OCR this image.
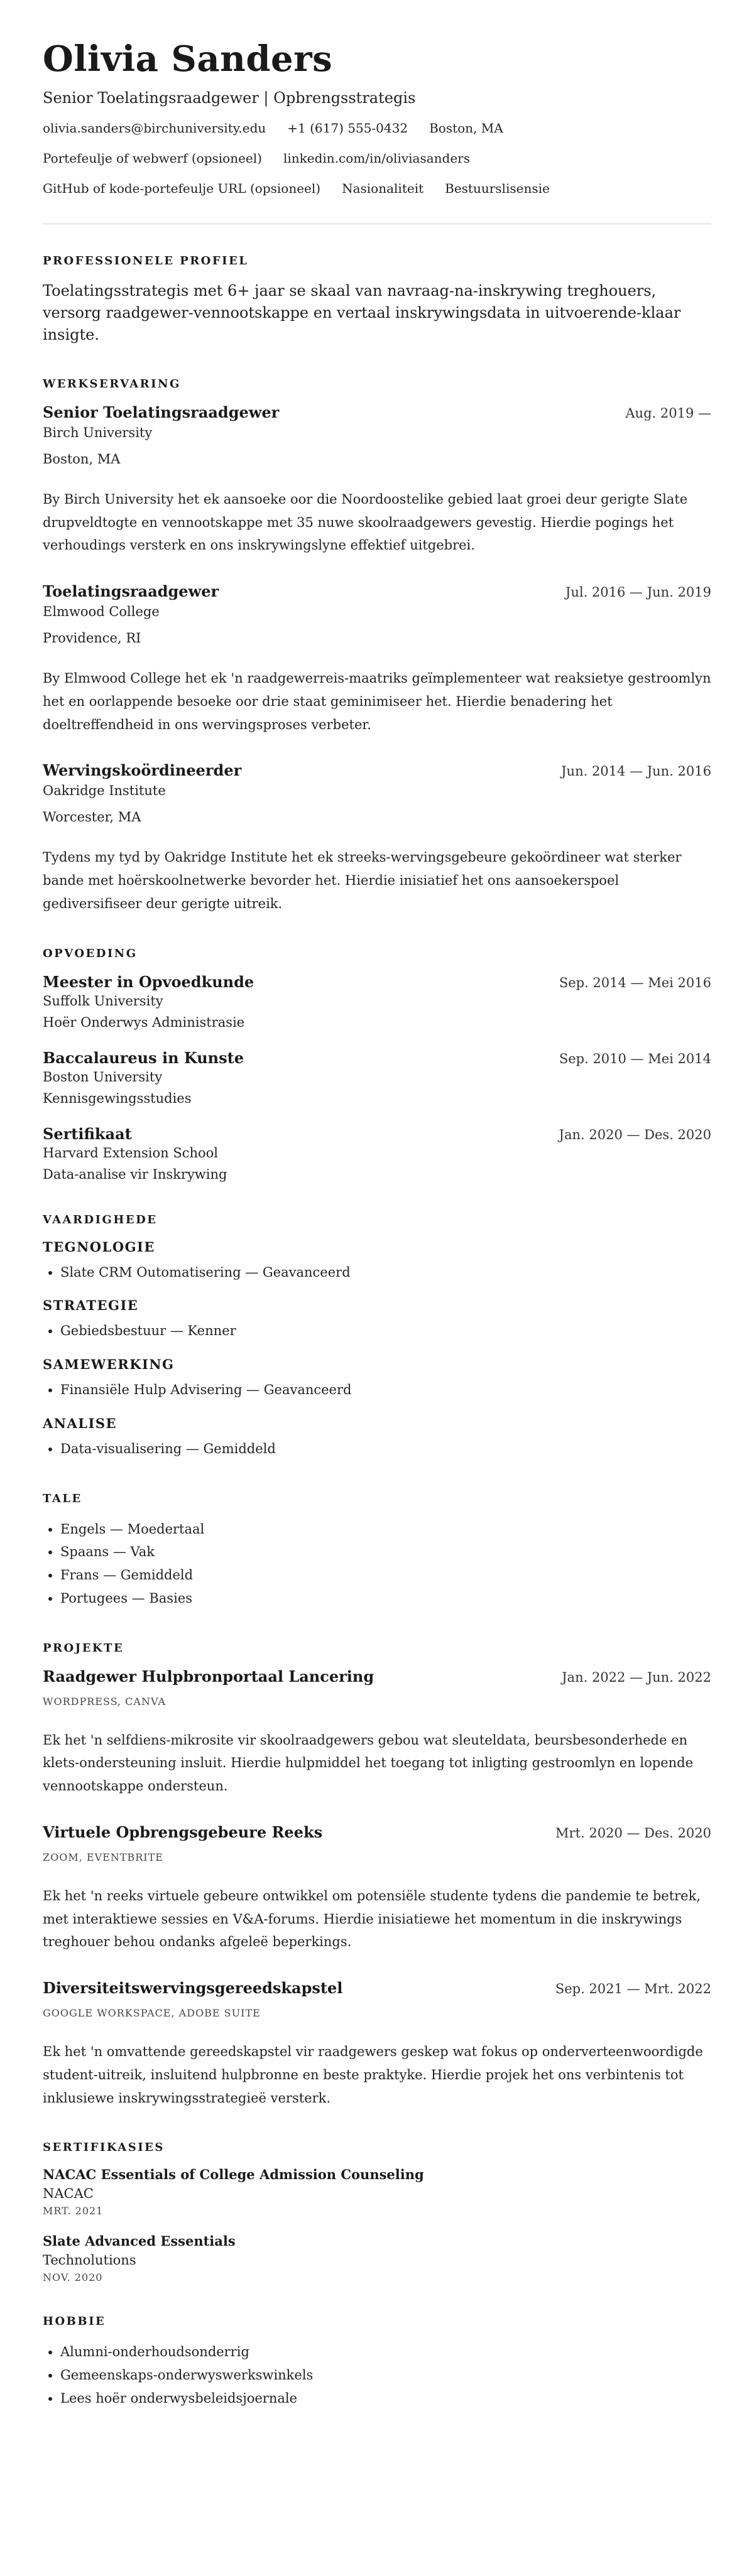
Olivia Sanders
Senior Toelatingsraadgewer | Opbrengsstrategis
olivia.sanders@birchuniversity.edu +1 (617) 555-0432 Boston, MA
Portefeulje of webwerf (opsioneel) linkedin.com/in/oliviasanders
GitHub of kode-portefeulje URL (opsioneel) Nasionaliteit Bestuurslisensie
PROFESSIONELE PROFIEL

Toelatingsstrategis met 6+ jaar se skaal van navraag-na-inskrywing treghouers, versorg raadgewer-vennootskappe en vertaal inskrywingsdata in uitvoerende-klaar insigte.

WERKSERVARING
Senior Toelatingsraadgewer	Aug. 2019 —
Birch University
Boston, MA
By Birch University het ek aansoeke oor die Noordoostelike gebied laat groei deur gerigte Slate drupveldtogte en vennootskappe met 35 nuwe skoolraadgewers gevestig. Hierdie pogings het verhoudings versterk en ons inskrywingslyne effektief uitgebrei.
Toelatingsraadgewer	Jul. 2016 — Jun. 2019
Elmwood College
Providence, RI
By Elmwood College het ek 'n raadgewerreis-maatriks geïmplementeer wat reaksietye gestroomlyn het en oorlappende besoeke oor drie staat geminimiseer het. Hierdie benadering het doeltreffendheid in ons wervingsproses verbeter.
Wervingskoördineerder	Jun. 2014 — Jun. 2016
Oakridge Institute
Worcester, MA
Tydens my tyd by Oakridge Institute het ek streeks-wervingsgebeure gekoördineer wat sterker bande met hoërskoolnetwerke bevorder het. Hierdie inisiatief het ons aansoekerspoel gediversifiseer deur gerigte uitreik.
OPVOEDING
Meester in Opvoedkunde	Sep. 2014 — Mei 2016
Suffolk University
Hoër Onderwys Administrasie
Baccalaureus in Kunste	Sep. 2010 — Mei 2014
Boston University
Kennisgewingsstudies
Sertifikaat	Jan. 2020 — Des. 2020
Harvard Extension School
Data-analise vir Inskrywing
VAARDIGHEDE
TEGNOLOGIE
• Slate CRM Outomatisering — Geavanceerd
STRATEGIE
• Gebiedsbestuur — Kenner
SAMEWERKING
• Finansiële Hulp Advisering — Geavanceerd
ANALISE
• Data-visualisering — Gemiddeld
TALE
• Engels — Moedertaal
• Spaans — Vak
• Frans — Gemiddeld
• Portugees — Basies
PROJEKTE
Raadgewer Hulpbronportaal Lancering	Jan. 2022 — Jun. 2022
WORDPRESS, CANVA
Ek het 'n selfdiens-mikrosite vir skoolraadgewers gebou wat sleuteldata, beursbesonderhede en klets-ondersteuning insluit. Hierdie hulpmiddel het toegang tot inligting gestroomlyn en lopende vennootskappe ondersteun.
Virtuele Opbrengsgebeure Reeks	Mrt. 2020 — Des. 2020
ZOOM, EVENTBRITE
Ek het 'n reeks virtuele gebeure ontwikkel om potensiële studente tydens die pandemie te betrek, met interaktiewe sessies en V&A-forums. Hierdie inisiatiewe het momentum in die inskrywings treghouer behou ondanks afgeleë beperkings.
Diversiteitswervingsgereedskapstel	Sep. 2021 — Mrt. 2022
GOOGLE WORKSPACE, ADOBE SUITE
Ek het 'n omvattende gereedskapstel vir raadgewers geskep wat fokus op onderverteenwoordigde student-uitreik, insluitend hulpbronne en beste praktyke. Hierdie projek het ons verbintenis tot inklusiewe inskrywingsstrategieë versterk.
SERTIFIKASIES
NACAC Essentials of College Admission Counseling
NACAC
MRT. 2021
Slate Advanced Essentials
Technolutions
NOV. 2020
HOBBIE
• Alumni-onderhoudsonderrig
• Gemeenskaps-onderwyswerkswinkels
• Lees hoër onderwysbeleidsjoernale
